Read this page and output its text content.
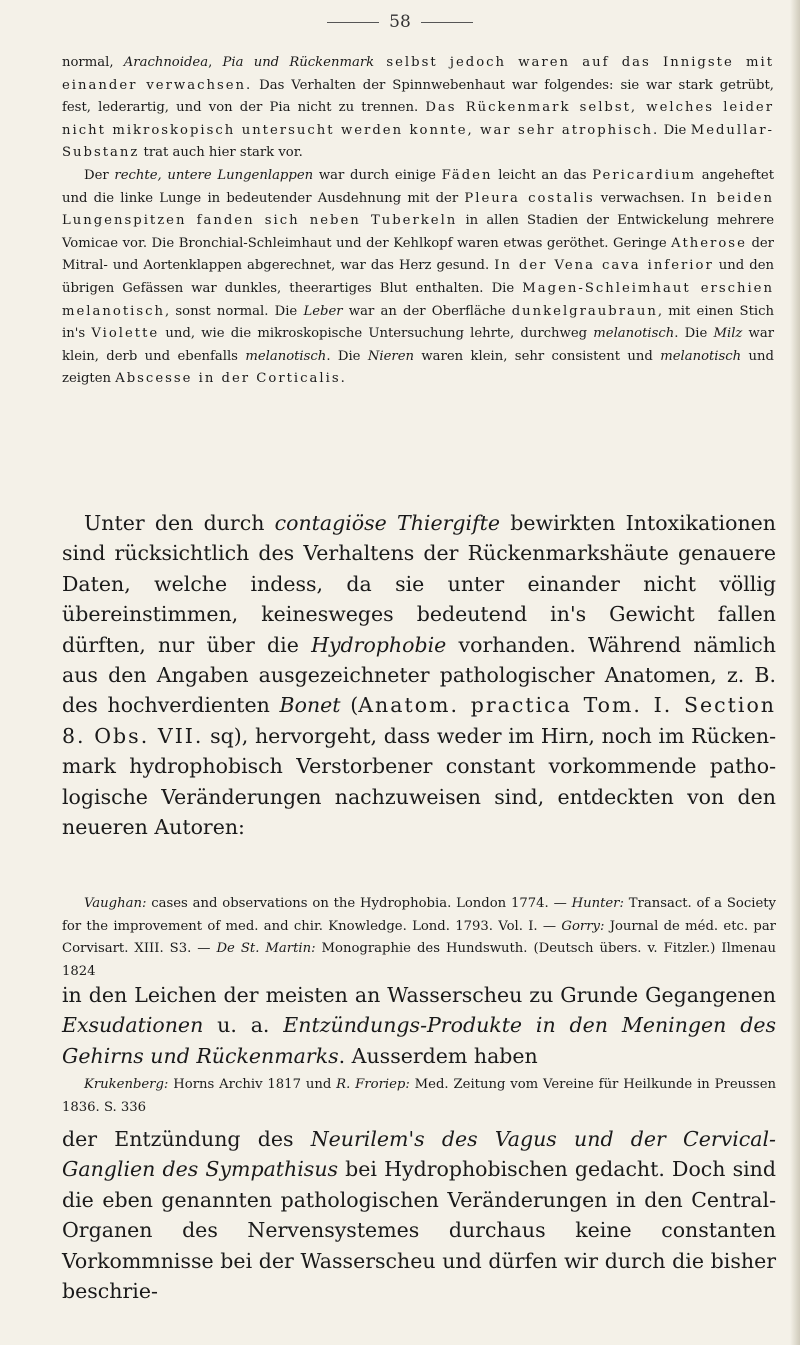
58

normal, Arachnoidea, Pia und Rückenmark selbst jedoch waren auf das Innigste mit einander verwachsen. Das Verhalten der Spinnwebenhaut war folgendes: sie war stark getrübt, fest, lederartig, und von der Pia nicht zu trennen. Das Rückenmark selbst, welches leider nicht mikroskopisch untersucht werden konnte, war sehr atrophisch. Die Medullar-Substanz trat auch hier stark vor.

Der rechte, untere Lungenlappen war durch einige Fäden leicht an das Pericardium angeheftet und die linke Lunge in bedeutender Ausdehnung mit der Pleura costalis verwachsen. In beiden Lungenspitzen fanden sich neben Tuberkeln in allen Stadien der Entwickelung mehrere Vomicae vor. Die Bronchial-Schleimhaut und der Kehlkopf waren etwas geröthet. Geringe Atherose der Mitral- und Aortenklappen abgerechnet, war das Herz gesund. In der Vena cava inferior und den übrigen Gefässen war dunkles, theerartiges Blut enthalten. Die Magen-Schleimhaut erschien melanotisch, sonst normal. Die Leber war an der Oberfläche dunkelgraubraun, mit einen Stich in's Violette und, wie die mikroskopische Untersuchung lehrte, durchweg melanotisch. Die Milz war klein, derb und ebenfalls melanotisch. Die Nieren waren klein, sehr consistent und melanotisch und zeigten Abscesse in der Corticalis.

Unter den durch contagiöse Thiergifte bewirkten Intoxikationen sind rücksichtlich des Verhaltens der Rückenmarkshäute genauere Daten, welche indess, da sie unter einander nicht völlig übereinstimmen, keinesweges bedeutend in's Gewicht fallen dürften, nur über die Hydrophobie vorhanden. Während nämlich aus den Angaben ausgezeichneter pathologischer Anatomen, z. B. des hochverdienten Bonet (Anatom. practica Tom. I. Section 8. Obs. VII. sq), hervorgeht, dass weder im Hirn, noch im Rückenmark hydrophobisch Verstorbener constant vorkommende pathologische Veränderungen nachzuweisen sind, entdeckten von den neueren Autoren:

Vaughan: cases and observations on the Hydrophobia. London 1774. — Hunter: Transact. of a Society for the improvement of med. and chir. Knowledge. Lond. 1793. Vol. I. — Gorry: Journal de méd. etc. par Corvisart. XIII. S3. — De St. Martin: Monographie des Hundswuth. (Deutsch übers. v. Fitzler.) Ilmenau 1824

in den Leichen der meisten an Wasserscheu zu Grunde Gegangenen Exsudationen u. a. Entzündungs-Produkte in den Meningen des Gehirns und Rückenmarks. Ausserdem haben

Krukenberg: Horns Archiv 1817 und R. Froriep: Med. Zeitung vom Vereine für Heilkunde in Preussen 1836. S. 336

der Entzündung des Neurilem's des Vagus und der Cervical-Ganglien des Sympathisus bei Hydrophobischen gedacht. Doch sind die eben genannten pathologischen Veränderungen in den Central-Organen des Nervensystemes durchaus keine constanten Vorkommnisse bei der Wasserscheu und dürfen wir durch die bisher beschrie-
